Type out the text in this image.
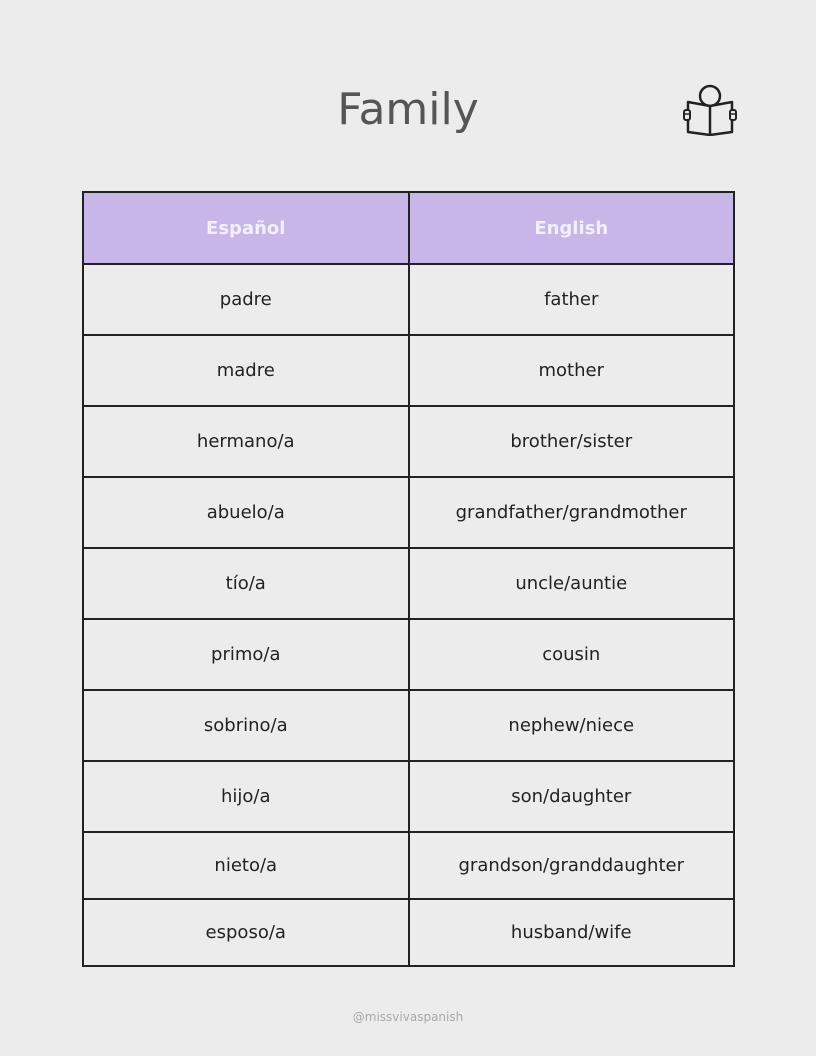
Family
Español	English
padre	father
madre	mother
hermano/a	brother/sister
abuelo/a	grandfather/grandmother
tío/a	uncle/auntie
primo/a	cousin
sobrino/a	nephew/niece
hijo/a	son/daughter
nieto/a	grandson/granddaughter
esposo/a	husband/wife
@missvivaspanish
